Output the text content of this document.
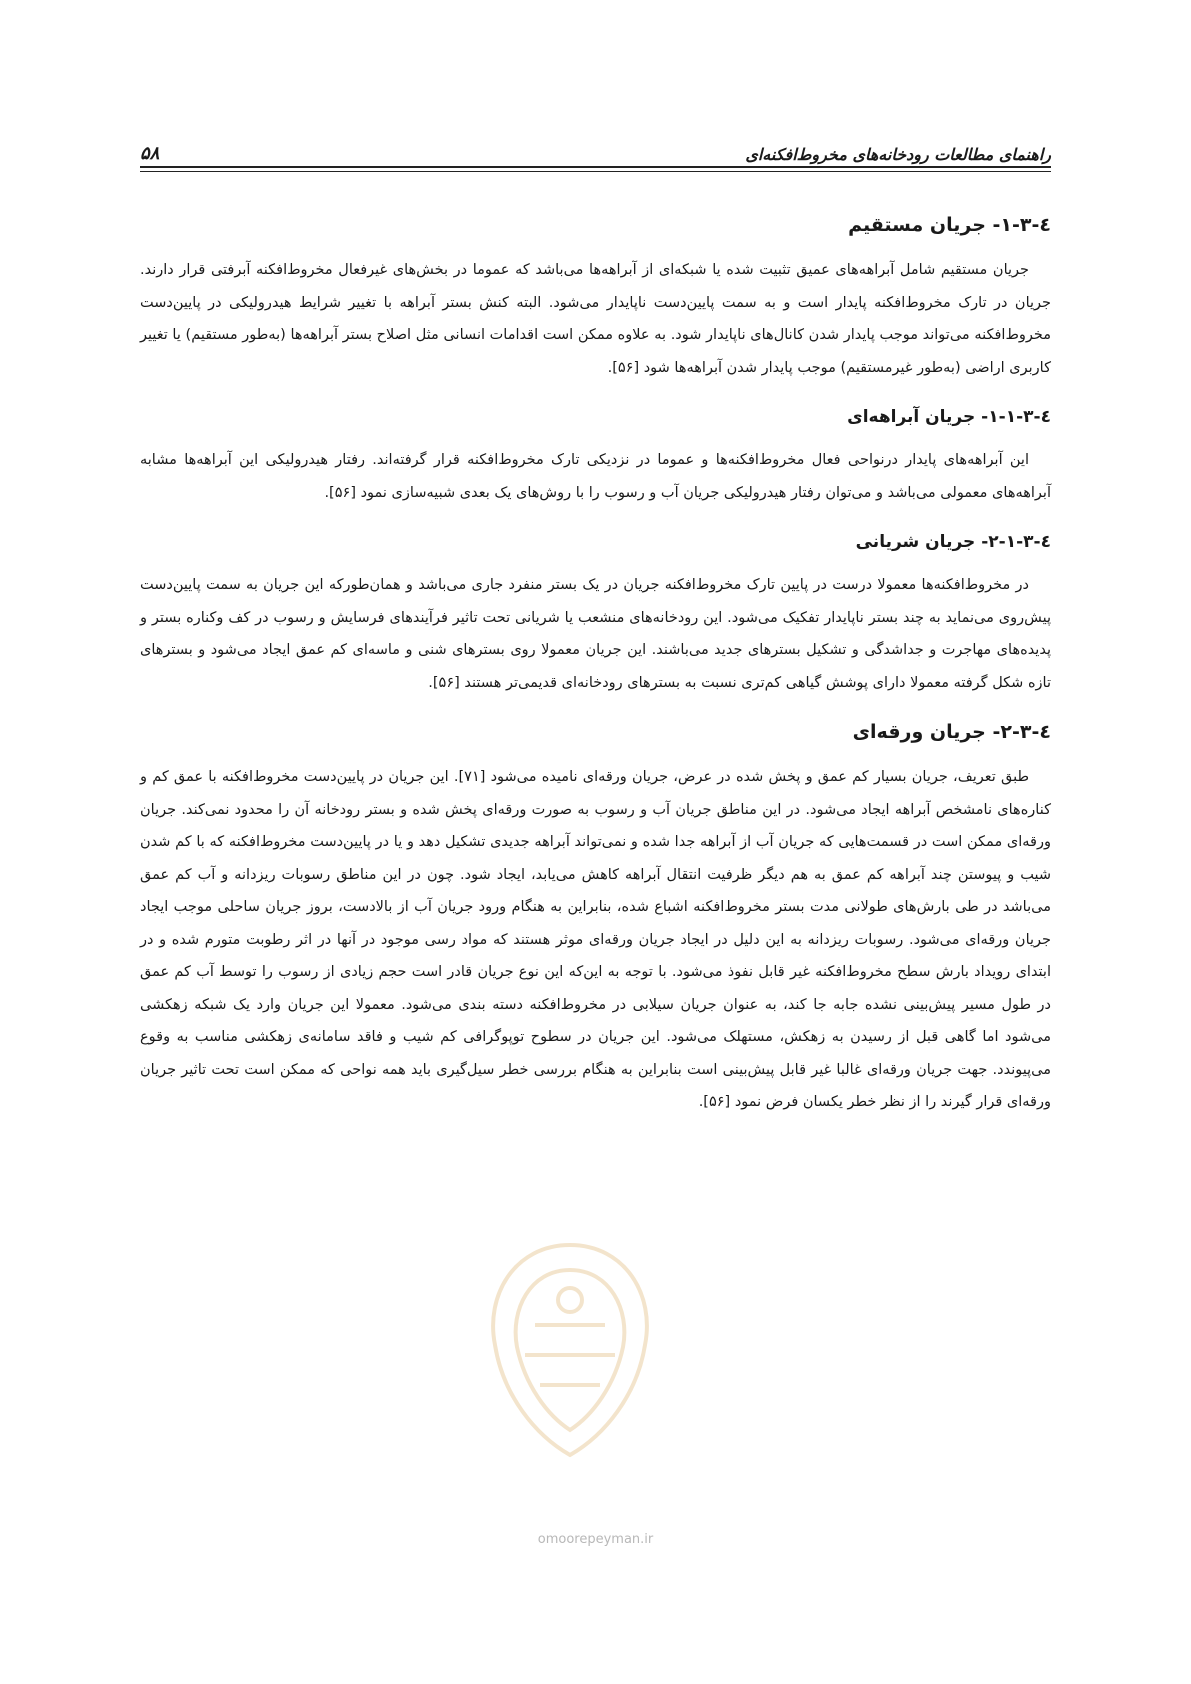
۵۸	راهنمای مطالعات رودخانه‌های مخروط‌افکنه‌ای
٤-٣-١- جریان مستقیم

جریان مستقیم شامل آبراهه‌های عمیق تثبیت شده یا شبکه‌ای از آبراهه‌ها می‌باشد که عموما در بخش‌های غیرفعال مخروط‌افکنه آبرفتی قرار دارند. جریان در تارک مخروط‌افکنه پایدار است و به سمت پایین‌دست ناپایدار می‌شود. البته کنش بستر آبراهه با تغییر شرایط هیدرولیکی در پایین‌دست مخروط‌افکنه می‌تواند موجب پایدار شدن کانال‌های ناپایدار شود. به علاوه ممکن است اقدامات انسانی مثل اصلاح بستر آبراهه‌ها (به‌طور مستقیم) یا تغییر کاربری اراضی (به‌طور غیرمستقیم) موجب پایدار شدن آبراهه‌ها شود [۵۶].

٤-٣-١-١- جریان آبراهه‌ای

این آبراهه‌های پایدار درنواحی فعال مخروط‌افکنه‌ها و عموما در نزدیکی تارک مخروط‌افکنه قرار گرفته‌اند. رفتار هیدرولیکی این آبراهه‌ها مشابه آبراهه‌های معمولی می‌باشد و می‌توان رفتار هیدرولیکی جریان آب و رسوب را با روش‌های یک بعدی شبیه‌سازی نمود [۵۶].

٤-٣-١-٢- جریان شریانی

در مخروط‌افکنه‌ها معمولا درست در پایین تارک مخروط‌افکنه جریان در یک بستر منفرد جاری می‌باشد و همان‌طورکه این جریان به سمت پایین‌دست پیش‌روی می‌نماید به چند بستر ناپایدار تفکیک می‌شود. این رودخانه‌های منشعب یا شریانی تحت تاثیر فرآیندهای فرسایش و رسوب در کف وکناره بستر و پدیده‌های مهاجرت و جداشدگی و تشکیل بسترهای جدید می‌باشند. این جریان معمولا روی بسترهای شنی و ماسه‌ای کم عمق ایجاد می‌شود و بسترهای تازه شکل گرفته معمولا دارای پوشش گیاهی کم‌تری نسبت به بسترهای رودخانه‌ای قدیمی‌تر هستند [۵۶].

٤-٣-٢- جریان ورقه‌ای

طبق تعریف، جریان بسیار کم عمق و پخش شده در عرض، جریان ورقه‌ای نامیده می‌شود [۷۱]. این جریان در پایین‌دست مخروط‌افکنه با عمق کم و کناره‌های نامشخص آبراهه ایجاد می‌شود. در این مناطق جریان آب و رسوب به صورت ورقه‌ای پخش شده و بستر رودخانه آن را محدود نمی‌کند. جریان ورقه‌ای ممکن است در قسمت‌هایی که جریان آب از آبراهه جدا شده و نمی‌تواند آبراهه جدیدی تشکیل دهد و یا در پایین‌دست مخروط‌افکنه که با کم شدن شیب و پیوستن چند آبراهه کم عمق به هم دیگر ظرفیت انتقال آبراهه کاهش می‌یابد، ایجاد شود. چون در این مناطق رسوبات ریزدانه و آب کم عمق می‌باشد در طی بارش‌های طولانی مدت بستر مخروط‌افکنه اشباع شده، بنابراین به هنگام ورود جریان آب از بالادست، بروز جریان ساحلی موجب ایجاد جریان ورقه‌ای می‌شود. رسوبات ریزدانه به این دلیل در ایجاد جریان ورقه‌ای موثر هستند که مواد رسی موجود در آنها در اثر رطوبت متورم شده و در ابتدای رویداد بارش سطح مخروط‌افکنه غیر قابل نفوذ می‌شود. با توجه به این‌که این نوع جریان قادر است حجم زیادی از رسوب را توسط آب کم عمق در طول مسیر پیش‌بینی نشده جابه جا کند، به عنوان جریان سیلابی در مخروط‌افکنه دسته بندی می‌شود. معمولا این جریان وارد یک شبکه زهکشی می‌شود اما گاهی قبل از رسیدن به زهکش، مستهلک می‌شود. این جریان در سطوح توپوگرافی کم شیب و فاقد سامانه‌ی زهکشی مناسب به وقوع می‌پیوندد. جهت جریان ورقه‌ای غالبا غیر قابل پیش‌بینی است بنابراین به هنگام بررسی خطر سیل‌گیری باید همه نواحی که ممکن است تحت تاثیر جریان ورقه‌ای قرار گیرند را از نظر خطر یکسان فرض نمود [۵۶].

omoorepeyman.ir
